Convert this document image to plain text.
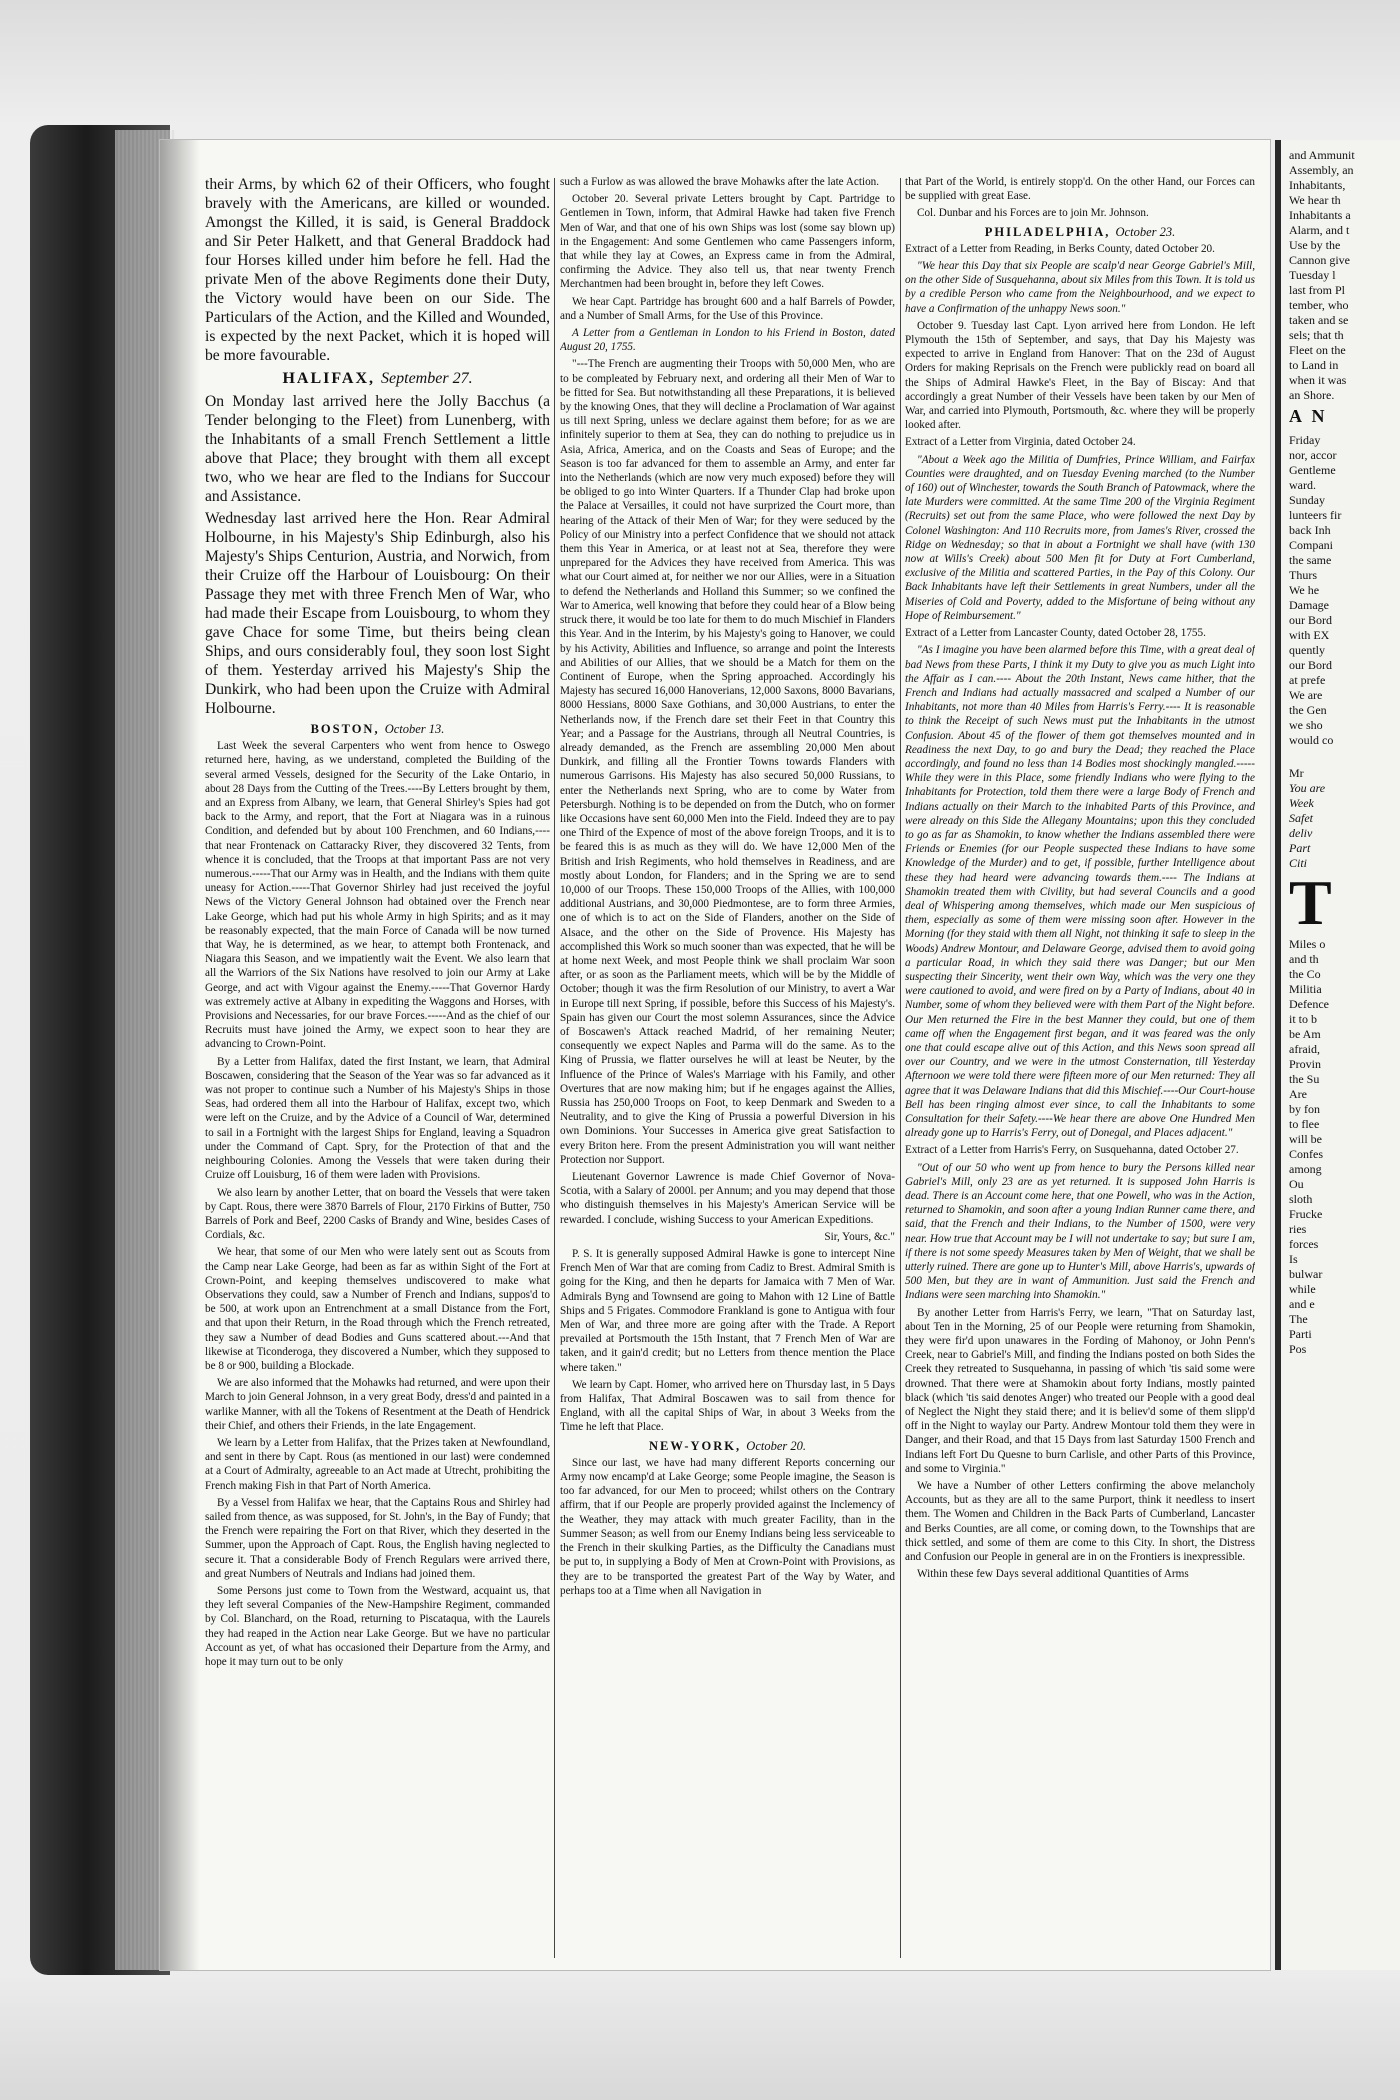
their Arms, by which 62 of their Officers, who fought bravely with the Americans, are killed or wounded. Amongst the Killed, it is said, is General Braddock and Sir Peter Halkett, and that General Braddock had four Horses killed under him before he fell. Had the private Men of the above Regiments done their Duty, the Victory would have been on our Side. The Particulars of the Action, and the Killed and Wounded, is expected by the next Packet, which it is hoped will be more favourable.

HALIFAX, September 27.

On Monday last arrived here the Jolly Bacchus (a Tender belonging to the Fleet) from Lunenberg, with the Inhabitants of a small French Settlement a little above that Place; they brought with them all except two, who we hear are fled to the Indians for Succour and Assistance.

Wednesday last arrived here the Hon. Rear Admiral Holbourne, in his Majesty's Ship Edinburgh, also his Majesty's Ships Centurion, Austria, and Norwich, from their Cruize off the Harbour of Louisbourg: On their Passage they met with three French Men of War, who had made their Escape from Louisbourg, to whom they gave Chace for some Time, but theirs being clean Ships, and ours considerably foul, they soon lost Sight of them. Yesterday arrived his Majesty's Ship the Dunkirk, who had been upon the Cruize with Admiral Holbourne.

BOSTON, October 13.

Last Week the several Carpenters who went from hence to Oswego returned here, having, as we understand, completed the Building of the several armed Vessels, designed for the Security of the Lake Ontario, in about 28 Days from the Cutting of the Trees.----By Letters brought by them, and an Express from Albany, we learn, that General Shirley's Spies had got back to the Army, and report, that the Fort at Niagara was in a ruinous Condition, and defended but by about 100 Frenchmen, and 60 Indians,----that near Frontenack on Cattaracky River, they discovered 32 Tents, from whence it is concluded, that the Troops at that important Pass are not very numerous.-----That our Army was in Health, and the Indians with them quite uneasy for Action.-----That Governor Shirley had just received the joyful News of the Victory General Johnson had obtained over the French near Lake George, which had put his whole Army in high Spirits; and as it may be reasonably expected, that the main Force of Canada will be now turned that Way, he is determined, as we hear, to attempt both Frontenack, and Niagara this Season, and we impatiently wait the Event. We also learn that all the Warriors of the Six Nations have resolved to join our Army at Lake George, and act with Vigour against the Enemy.-----That Governor Hardy was extremely active at Albany in expediting the Waggons and Horses, with Provisions and Necessaries, for our brave Forces.-----And as the chief of our Recruits must have joined the Army, we expect soon to hear they are advancing to Crown-Point.

By a Letter from Halifax, dated the first Instant, we learn, that Admiral Boscawen, considering that the Season of the Year was so far advanced as it was not proper to continue such a Number of his Majesty's Ships in those Seas, had ordered them all into the Harbour of Halifax, except two, which were left on the Cruize, and by the Advice of a Council of War, determined to sail in a Fortnight with the largest Ships for England, leaving a Squadron under the Command of Capt. Spry, for the Protection of that and the neighbouring Colonies. Among the Vessels that were taken during their Cruize off Louisburg, 16 of them were laden with Provisions.

We also learn by another Letter, that on board the Vessels that were taken by Capt. Rous, there were 3870 Barrels of Flour, 2170 Firkins of Butter, 750 Barrels of Pork and Beef, 2200 Casks of Brandy and Wine, besides Cases of Cordials, &c.

We hear, that some of our Men who were lately sent out as Scouts from the Camp near Lake George, had been as far as within Sight of the Fort at Crown-Point, and keeping themselves undiscovered to make what Observations they could, saw a Number of French and Indians, suppos'd to be 500, at work upon an Entrenchment at a small Distance from the Fort, and that upon their Return, in the Road through which the French retreated, they saw a Number of dead Bodies and Guns scattered about.---And that likewise at Ticonderoga, they discovered a Number, which they supposed to be 8 or 900, building a Blockade.

We are also informed that the Mohawks had returned, and were upon their March to join General Johnson, in a very great Body, dress'd and painted in a warlike Manner, with all the Tokens of Resentment at the Death of Hendrick their Chief, and others their Friends, in the late Engagement.

We learn by a Letter from Halifax, that the Prizes taken at Newfoundland, and sent in there by Capt. Rous (as mentioned in our last) were condemned at a Court of Admiralty, agreeable to an Act made at Utrecht, prohibiting the French making Fish in that Part of North America.

By a Vessel from Halifax we hear, that the Captains Rous and Shirley had sailed from thence, as was supposed, for St. John's, in the Bay of Fundy; that the French were repairing the Fort on that River, which they deserted in the Summer, upon the Approach of Capt. Rous, the English having neglected to secure it. That a considerable Body of French Regulars were arrived there, and great Numbers of Neutrals and Indians had joined them.

Some Persons just come to Town from the Westward, acquaint us, that they left several Companies of the New-Hampshire Regiment, commanded by Col. Blanchard, on the Road, returning to Piscataqua, with the Laurels they had reaped in the Action near Lake George. But we have no particular Account as yet, of what has occasioned their Departure from the Army, and hope it may turn out to be only

such a Furlow as was allowed the brave Mohawks after the late Action.

October 20. Several private Letters brought by Capt. Partridge to Gentlemen in Town, inform, that Admiral Hawke had taken five French Men of War, and that one of his own Ships was lost (some say blown up) in the Engagement: And some Gentlemen who came Passengers inform, that while they lay at Cowes, an Express came in from the Admiral, confirming the Advice. They also tell us, that near twenty French Merchantmen had been brought in, before they left Cowes.

We hear Capt. Partridge has brought 600 and a half Barrels of Powder, and a Number of Small Arms, for the Use of this Province.

A Letter from a Gentleman in London to his Friend in Boston, dated August 20, 1755.

"---The French are augmenting their Troops with 50,000 Men, who are to be compleated by February next, and ordering all their Men of War to be fitted for Sea. But notwithstanding all these Preparations, it is believed by the knowing Ones, that they will decline a Proclamation of War against us till next Spring, unless we declare against them before; for as we are infinitely superior to them at Sea, they can do nothing to prejudice us in Asia, Africa, America, and on the Coasts and Seas of Europe; and the Season is too far advanced for them to assemble an Army, and enter far into the Netherlands (which are now very much exposed) before they will be obliged to go into Winter Quarters. If a Thunder Clap had broke upon the Palace at Versailles, it could not have surprized the Court more, than hearing of the Attack of their Men of War; for they were seduced by the Policy of our Ministry into a perfect Confidence that we should not attack them this Year in America, or at least not at Sea, therefore they were unprepared for the Advices they have received from America. This was what our Court aimed at, for neither we nor our Allies, were in a Situation to defend the Netherlands and Holland this Summer; so we confined the War to America, well knowing that before they could hear of a Blow being struck there, it would be too late for them to do much Mischief in Flanders this Year. And in the Interim, by his Majesty's going to Hanover, we could by his Activity, Abilities and Influence, so arrange and point the Interests and Abilities of our Allies, that we should be a Match for them on the Continent of Europe, when the Spring approached. Accordingly his Majesty has secured 16,000 Hanoverians, 12,000 Saxons, 8000 Bavarians, 8000 Hessians, 8000 Saxe Gothians, and 30,000 Austrians, to enter the Netherlands now, if the French dare set their Feet in that Country this Year; and a Passage for the Austrians, through all Neutral Countries, is already demanded, as the French are assembling 20,000 Men about Dunkirk, and filling all the Frontier Towns towards Flanders with numerous Garrisons. His Majesty has also secured 50,000 Russians, to enter the Netherlands next Spring, who are to come by Water from Petersburgh. Nothing is to be depended on from the Dutch, who on former like Occasions have sent 60,000 Men into the Field. Indeed they are to pay one Third of the Expence of most of the above foreign Troops, and it is to be feared this is as much as they will do. We have 12,000 Men of the British and Irish Regiments, who hold themselves in Readiness, and are mostly about London, for Flanders; and in the Spring we are to send 10,000 of our Troops. These 150,000 Troops of the Allies, with 100,000 additional Austrians, and 30,000 Piedmontese, are to form three Armies, one of which is to act on the Side of Flanders, another on the Side of Alsace, and the other on the Side of Provence. His Majesty has accomplished this Work so much sooner than was expected, that he will be at home next Week, and most People think we shall proclaim War soon after, or as soon as the Parliament meets, which will be by the Middle of October; though it was the firm Resolution of our Ministry, to avert a War in Europe till next Spring, if possible, before this Success of his Majesty's. Spain has given our Court the most solemn Assurances, since the Advice of Boscawen's Attack reached Madrid, of her remaining Neuter; consequently we expect Naples and Parma will do the same. As to the King of Prussia, we flatter ourselves he will at least be Neuter, by the Influence of the Prince of Wales's Marriage with his Family, and other Overtures that are now making him; but if he engages against the Allies, Russia has 250,000 Troops on Foot, to keep Denmark and Sweden to a Neutrality, and to give the King of Prussia a powerful Diversion in his own Dominions. Your Successes in America give great Satisfaction to every Briton here. From the present Administration you will want neither Protection nor Support.

Lieutenant Governor Lawrence is made Chief Governor of Nova-Scotia, with a Salary of 2000l. per Annum; and you may depend that those who distinguish themselves in his Majesty's American Service will be rewarded. I conclude, wishing Success to your American Expeditions.

Sir, Yours, &c."

P. S. It is generally supposed Admiral Hawke is gone to intercept Nine French Men of War that are coming from Cadiz to Brest. Admiral Smith is going for the King, and then he departs for Jamaica with 7 Men of War. Admirals Byng and Townsend are going to Mahon with 12 Line of Battle Ships and 5 Frigates. Commodore Frankland is gone to Antigua with four Men of War, and three more are going after with the Trade. A Report prevailed at Portsmouth the 15th Instant, that 7 French Men of War are taken, and it gain'd credit; but no Letters from thence mention the Place where taken."

We learn by Capt. Homer, who arrived here on Thursday last, in 5 Days from Halifax, That Admiral Boscawen was to sail from thence for England, with all the capital Ships of War, in about 3 Weeks from the Time he left that Place.

NEW-YORK, October 20.

Since our last, we have had many different Reports concerning our Army now encamp'd at Lake George; some People imagine, the Season is too far advanced, for our Men to proceed; whilst others on the Contrary affirm, that if our People are properly provided against the Inclemency of the Weather, they may attack with much greater Facility, than in the Summer Season; as well from our Enemy Indians being less serviceable to the French in their skulking Parties, as the Difficulty the Canadians must be put to, in supplying a Body of Men at Crown-Point with Provisions, as they are to be transported the greatest Part of the Way by Water, and perhaps too at a Time when all Navigation in

that Part of the World, is entirely stopp'd. On the other Hand, our Forces can be supplied with great Ease.

Col. Dunbar and his Forces are to join Mr. Johnson.

PHILADELPHIA, October 23.

Extract of a Letter from Reading, in Berks County, dated October 20.

"We hear this Day that six People are scalp'd near George Gabriel's Mill, on the other Side of Susquehanna, about six Miles from this Town. It is told us by a credible Person who came from the Neighbourhood, and we expect to have a Confirmation of the unhappy News soon."

October 9. Tuesday last Capt. Lyon arrived here from London. He left Plymouth the 15th of September, and says, that Day his Majesty was expected to arrive in England from Hanover: That on the 23d of August Orders for making Reprisals on the French were publickly read on board all the Ships of Admiral Hawke's Fleet, in the Bay of Biscay: And that accordingly a great Number of their Vessels have been taken by our Men of War, and carried into Plymouth, Portsmouth, &c. where they will be properly looked after.

Extract of a Letter from Virginia, dated October 24.

"About a Week ago the Militia of Dumfries, Prince William, and Fairfax Counties were draughted, and on Tuesday Evening marched (to the Number of 160) out of Winchester, towards the South Branch of Patowmack, where the late Murders were committed. At the same Time 200 of the Virginia Regiment (Recruits) set out from the same Place, who were followed the next Day by Colonel Washington: And 110 Recruits more, from James's River, crossed the Ridge on Wednesday; so that in about a Fortnight we shall have (with 130 now at Wills's Creek) about 500 Men fit for Duty at Fort Cumberland, exclusive of the Militia and scattered Parties, in the Pay of this Colony. Our Back Inhabitants have left their Settlements in great Numbers, under all the Miseries of Cold and Poverty, added to the Misfortune of being without any Hope of Reimbursement."

Extract of a Letter from Lancaster County, dated October 28, 1755.

"As I imagine you have been alarmed before this Time, with a great deal of bad News from these Parts, I think it my Duty to give you as much Light into the Affair as I can.---- About the 20th Instant, News came hither, that the French and Indians had actually massacred and scalped a Number of our Inhabitants, not more than 40 Miles from Harris's Ferry.---- It is reasonable to think the Receipt of such News must put the Inhabitants in the utmost Confusion. About 45 of the flower of them got themselves mounted and in Readiness the next Day, to go and bury the Dead; they reached the Place accordingly, and found no less than 14 Bodies most shockingly mangled.-----While they were in this Place, some friendly Indians who were flying to the Inhabitants for Protection, told them there were a large Body of French and Indians actually on their March to the inhabited Parts of this Province, and were already on this Side the Allegany Mountains; upon this they concluded to go as far as Shamokin, to know whether the Indians assembled there were Friends or Enemies (for our People suspected these Indians to have some Knowledge of the Murder) and to get, if possible, further Intelligence about these they had heard were advancing towards them.---- The Indians at Shamokin treated them with Civility, but had several Councils and a good deal of Whispering among themselves, which made our Men suspicious of them, especially as some of them were missing soon after. However in the Morning (for they staid with them all Night, not thinking it safe to sleep in the Woods) Andrew Montour, and Delaware George, advised them to avoid going a particular Road, in which they said there was Danger; but our Men suspecting their Sincerity, went their own Way, which was the very one they were cautioned to avoid, and were fired on by a Party of Indians, about 40 in Number, some of whom they believed were with them Part of the Night before. Our Men returned the Fire in the best Manner they could, but one of them came off when the Engagement first began, and it was feared was the only one that could escape alive out of this Action, and this News soon spread all over our Country, and we were in the utmost Consternation, till Yesterday Afternoon we were told there were fifteen more of our Men returned: They all agree that it was Delaware Indians that did this Mischief.----Our Court-house Bell has been ringing almost ever since, to call the Inhabitants to some Consultation for their Safety.----We hear there are above One Hundred Men already gone up to Harris's Ferry, out of Donegal, and Places adjacent."

Extract of a Letter from Harris's Ferry, on Susquehanna, dated October 27.

"Out of our 50 who went up from hence to bury the Persons killed near Gabriel's Mill, only 23 are as yet returned. It is supposed John Harris is dead. There is an Account come here, that one Powell, who was in the Action, returned to Shamokin, and soon after a young Indian Runner came there, and said, that the French and their Indians, to the Number of 1500, were very near. How true that Account may be I will not undertake to say; but sure I am, if there is not some speedy Measures taken by Men of Weight, that we shall be utterly ruined. There are gone up to Hunter's Mill, above Harris's, upwards of 500 Men, but they are in want of Ammunition. Just said the French and Indians were seen marching into Shamokin."

By another Letter from Harris's Ferry, we learn, "That on Saturday last, about Ten in the Morning, 25 of our People were returning from Shamokin, they were fir'd upon unawares in the Fording of Mahonoy, or John Penn's Creek, near to Gabriel's Mill, and finding the Indians posted on both Sides the Creek they retreated to Susquehanna, in passing of which 'tis said some were drowned. That there were at Shamokin about forty Indians, mostly painted black (which 'tis said denotes Anger) who treated our People with a good deal of Neglect the Night they staid there; and it is believ'd some of them slipp'd off in the Night to waylay our Party. Andrew Montour told them they were in Danger, and their Road, and that 15 Days from last Saturday 1500 French and Indians left Fort Du Quesne to burn Carlisle, and other Parts of this Province, and some to Virginia."

We have a Number of other Letters confirming the above melancholy Accounts, but as they are all to the same Purport, think it needless to insert them. The Women and Children in the Back Parts of Cumberland, Lancaster and Berks Counties, are all come, or coming down, to the Townships that are thick settled, and some of them are come to this City. In short, the Distress and Confusion our People in general are in on the Frontiers is inexpressible.

Within these few Days several additional Quantities of Arms

and Ammunit
Assembly, an
Inhabitants,
We hear th
Inhabitants a
Alarm, and t
Use by the
Cannon give
Tuesday l
last from Pl
tember, who
taken and se
sels; that th
Fleet on the
to Land in
when it was
an Shore.
A N
Friday
nor, accor
Gentleme
ward.
Sunday
lunteers fir
back Inh
Compani
the same
Thurs
We he
Damage
our Bord
with EX
quently
our Bord
at prefe
We are
the Gen
we sho
would co
Mr
You are
Week
Safet
deliv
Part
Citi
T
Miles o
and th
the Co
Militia
Defence
it to b
be Am
afraid,
Provin
the Su
Are
by fon
to flee
will be
Confes
among
Ou
sloth
Frucke
ries
forces
Is
bulwar
while
and e
The
Parti
Pos
